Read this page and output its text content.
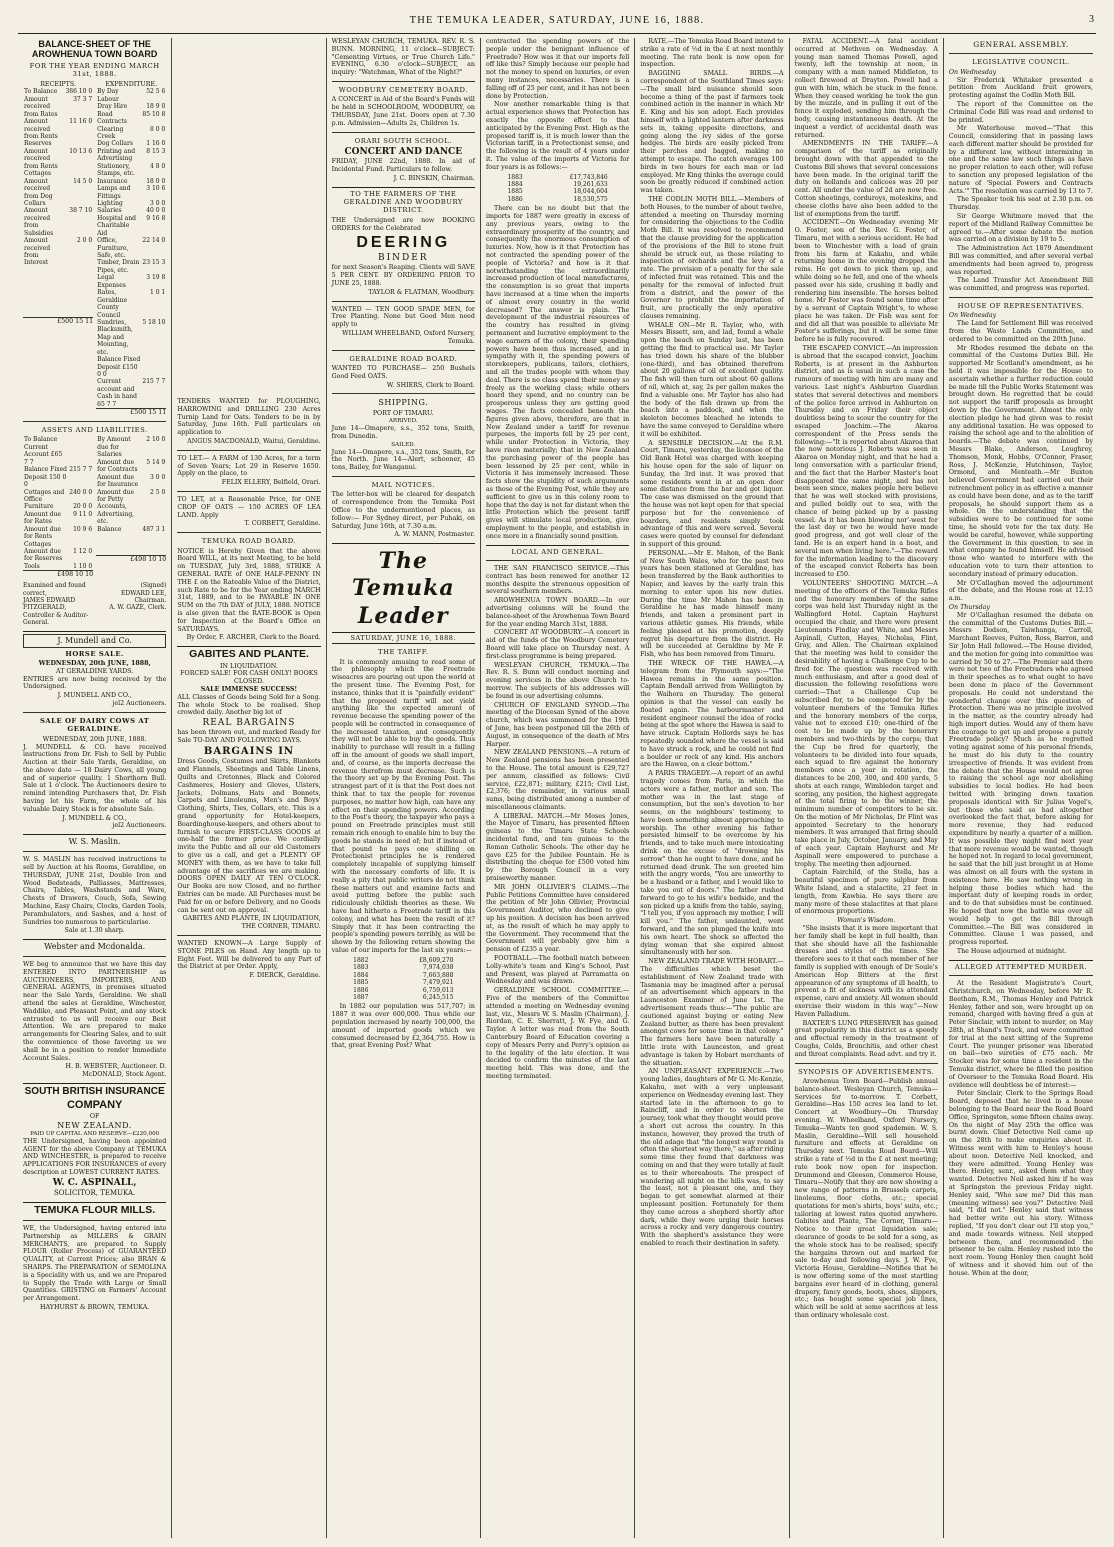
THE TEMUKA LEADER, SATURDAY, JUNE 16, 1888.	3
BALANCE-SHEET OF THE AROWHENUA TOWN BOARD
FOR THE YEAR ENDING MARCH 31st, 1888.
RECEIPTS.
To Balance	386 10 0
Amount received from Rates	37 3 7
Amount received from Rents Reserves	11 16 0
Amount received from Rents Cottages	10 13 6
Amount received from Dog Collars	14 5 0
Amount received from Subsidies	38 7 10
Amount received from Interest	2 0 0
£500 15 11
EXPENDITURE.
By Day Labour	52 5 6
Dray Hire	18 9 0
Road Contracts	85 10 8
Clearing Creek	8 0 0
Dog Collars	1 16 0
Printing and Advertising	8 15 3
Stationery, Stamps, etc.	4 8 0
Insurance	18 0 0
Lamps and Fittings	3 10 6
Lighting	3 0 0
Salaries	40 0 0
Hospital and Charitable Aid	9 16 8
Office, Furniture, Safe, etc.	22 14 0
Timber, Drain Pipes, etc.	23 15 3
Legal Expenses	3 19 8
Rates, Geraldine County Council	1 0 1
Sundries, Blacksmith, Map and Mounting, etc.	5 18 10
Balance Fixed Deposit £150 0 0	
Current account and Cash in hand 65 7 7	215 7 7
£500 15 11
ASSETS AND LIABILITIES.
To Balance Current Account £65 7 7	
Balance Fixed Deposit 150 0 0	215 7 7
Cottages and Office	240 0 0
Furniture	20 0 0
Amount due for Rates	9 11 0
Amount due for Rents Cottages	10 9 6
Amount due for Reserves	1 12 0
Tools	1 10 0
£498 10 10
By Amount due for Salaries	2 10 0
Amount due for Contracts	5 14 9
Amount due for Insurance	3 0 0
Amount due for Petty Accounts, Advertising, etc.	2 5 0
Balance	487 3 1
£498 10 10
Examined and found correct,
JAMES EDWARD FITZGERALD,
Controller & Auditor-General.
(Signed)
EDWARD LEE, Chairman.
A. W. GAZE, Clerk.
J. Mundell and Co.
HORSE SALE.
WEDNESDAY, 20th JUNE, 1888,
AT GERALDINE YARDS.

ENTRIES are now being received by the Undersigned.

J. MUNDELL AND CO.,
jel2 Auctioneers.
SALE OF DAIRY COWS AT GERALDINE.
WEDNESDAY, 20th JUNE, 1888.

J. MUNDELL & CO. have received instructions from Dr. Fish to Sell by Public Auction at their Sale Yards, Geraldine, on the above date — 18 Dairy Cows, all young and of superior quality. 1 Shorthorn Bull. Sale at 1 o'clock. The Auctioneers desire to remind intending Purchasers that, Dr. Fish having let his Farm, the whole of his valuable Dairy Stock is for absolute Sale.

J. MUNDELL & CO.,
jel2 Auctioneers.
W. S. Maslin.

W. S. MASLIN has received instructions to sell by Auction at his Rooms, Geraldine, on THURSDAY, JUNE 21st, Double Iron and Wood Bedsteads, Palliasses, Mattresses, Chairs, Tables, Washstands and Ware, Chests of Drawers, Couch, Sofa, Sewing Machine, Easy Chairs, Clocks, Garden Tools, Perambulators, and Sashes, and a host of Sundries too numerous to particularise.

Sale at 1.30 sharp.
Webster and Mcdonalda.

WE beg to announce that we have this day ENTERED INTO PARTNERSHIP as AUCTIONEERS, IMPORTERS, AND GENERAL AGENTS, in premises situated near the Sale Yards, Geraldine. We shall attend the sales at Geraldine, Winchester, Waddiko, and Pleasant Point, and any stock entrusted to us will receive our Best Attention. We are prepared to make arrangements for Clearing Sales, and to suit the convenience of those favoring us we shall be in a position to render Immediate Account Sales.

H. B. WEBSTER, Auctioneer. D. McDONALD, Stock Agent.
SOUTH BRITISH INSURANCE
COMPANY
OF
NEW ZEALAND.
PAID UP CAPITAL AND RESERVE—£220,000

THE Undersigned, having been appointed AGENT for the above Company at TEMUKA AND WINCHESTER, is prepared to receive APPLICATIONS FOR INSURANCES of every description at LOWEST CURRENT RATES.

W. C. ASPINALL,
SOLICITOR, TEMUKA.
TEMUKA FLOUR MILLS.

WE, the Undersigned, having entered into Partnership as MILLERS & GRAIN MERCHANTS, are prepared to Supply FLOUR (Roller Process) of GUARANTEED QUALITY, at Current Prices; also BRAN & SHARPS. The PREPARATION of SEMOLINA is a Speciality with us, and we are Prepared to Supply the Trade with Large or Small Quantities. GRISTING on Farmers' Account per Arrangement.

HAYHURST & BROWN, TEMUKA.

TENDERS WANTED for PLOUGHING, HARROWING and DRILLING 230 Acres Turnip Land for Oats. Tenders to be in by Saturday, June 16th. Full particulars on application to

ANGUS MACDONALD, Waitui, Geraldine.

TO LET.— A FARM of 130 Acres, for a term of Seven Years; Lot 29 in Reserve 1650. Apply on the place, to

FELIX ELLERY, Belfield, Orari.

TO LET, at a Reasonable Price, for ONE CROP OF OATS — 150 ACRES OF LEA LAND. Apply

T. CORBETT, Geraldine.
TEMUKA ROAD BOARD.

NOTICE is Hereby Given that the above Board WILL, at its next Meeting, to be held on TUESDAY, July 3rd, 1888, STRIKE A GENERAL RATE of ONE HALF-PENNY IN THE £ on the Rateable Value of the District, such Rate to be for the Year ending MARCH 31st, 1889, and to be PAYABLE IN ONE SUM on the 7th DAY of JULY, 1888. NOTICE is also given that the RATE-BOOK is Open for Inspection at the Board's Office on SATURDAYS.

By Order, F. ARCHER, Clerk to the Board.
GABITES AND PLANTE.
IN LIQUIDATION.
FORCED SALE! FOR CASH ONLY! BOOKS CLOSED.
SALE IMMENSE SUCCESS!

ALL Classes of Goods being Sold for a Song. The whole Stock to be realised. Shop crowded daily. Another big lot of

REAL BARGAINS

has been thrown out, and marked Ready for Sale TO-DAY AND FOLLOWING DAYS.

BARGAINS IN

Dress Goods, Costumes and Skirts, Blankets and Flannels, Sheetings and Table Linens, Quilts and Cretonnes, Black and Colored Cashmeres, Hosiery and Gloves, Ulsters, Jackets, Dolmans, Hats and Bonnets, Carpets and Linoleums, Men's and Boys' Clothing, Shirts, Ties, Collars, etc. This is a grand opportunity for Hotel-keepers, Boardinghouse-keepers, and others about to furnish to secure FIRST-CLASS GOODS at one-half the former price. We cordially invite the Public and all our old Customers to give us a call, and get a PLENTY OF MONEY with them, as we have to take full advantage of the sacrifices we are making. DOORS OPEN DAILY AT TEN O'CLOCK. Our Books are now Closed, and no further Entries can be made. All Purchases must be Paid for on or before Delivery, and no Goods can be sent out on approval.

GABITES AND PLANTE, IN LIQUIDATION, THE CORNER, TIMARU.

WANTED KNOWN—A Large Supply of STONE PILES on Hand. Any length up to Eight Feet. Will be delivered to any Part of the District at per Order. Apply,

F. DIERCK, Geraldine.

WESLEYAN CHURCH, TEMUKA. REV. R. S. BUNN. MORNING, 11 o'clock—SUBJECT: "Cementing Virtues, or True Church Life." EVENING, 6.30 o'clock—SUBJECT, an inquiry: "Watchman, What of the Night?"

WOODBURY CEMETERY BOARD.

A CONCERT in Aid of the Board's Funds will be held in SCHOOLROOM, WOODBURY, on THURSDAY, June 21st. Doors open at 7.30 p.m. Admission—Adults 2s, Children 1s.

ORARI SOUTH SCHOOL.
CONCERT AND DANCE

FRIDAY, JUNE 22nd, 1888. In aid of Incidental Fund. Particulars to follow.

J. C. BINSKIN, Chairman.
TO THE FARMERS OF THE GERALDINE AND WOODBURY DISTRICT.

THE Undersigned are now BOOKING ORDERS for the Celebrated

DEERING
BINDER

for next Season's Reaping. Clients will SAVE 5 PER CENT. BY ORDERING PRIOR TO JUNE 25, 1888.

TAYLOR & FLATMAN, Woodbury.

WANTED — TEN GOOD SPADE MEN, for Tree Planting. None but Good Men need apply to

WILLIAM WHEELBAND, Oxford Nursery, Temuka.
GERALDINE ROAD BOARD.

WANTED TO PURCHASE— 250 Bushels Good Feed OATS.

W. SHIERS, Clerk to Board.
SHIPPING.
PORT OF TIMARU.
ARRIVED.

June 14—Omapere, s.s., 352 tons, Smith, from Dunedin.

SAILED.

June 14—Omapere, s.s., 352 tons, Smith, for the North. June 14—Alert, schooner, 45 tons, Bailey, for Wanganui.

MAIL NOTICES.

The letter-box will be cleared for despatch of correspondence from the Temuka Post Office to the undermentioned places, as follow:— For Sydney direct, per Puhaki, on Saturday, June 16th, at 7.30 a.m.

A. W. MANN, Postmaster.
The Temuka Leader
SATURDAY, JUNE 16, 1888.
THE TARIFF.

It is commonly amusing to read some of the philosophy which the Freetrade wiseacres are pouring out upon the world at the present time. The Evening Post, for instance, thinks that it is "painfully evident" that the proposed tariff will not yield anything like the expected amount of revenue because the spending power of the people will be contracted in consequence of the increased taxation, and consequently they will not be able to buy the goods. Thus inability to purchase will result in a falling off in the amount of goods we shall import, and, of course, as the imports decrease the revenue therefrom must decrease. Such is the theory set up by the Evening Post. The strangest part of it is that the Post does not think that to tax the people for revenue purposes, no matter how high, can have any effect on their spending powers. According to the Post's theory, the taxpayer who pays a pound on Freetrade principles must still remain rich enough to enable him to buy the goods he stands in need of; but if instead of that pound he pays one shilling on Protectionist principles he is rendered completely incapable of supplying himself with the necessary comforts of life. It is really a pity that public writers do not think these matters out and examine facts and avoid putting before the public such ridiculously childish theories as these. We have had hitherto a Freetrade tariff in this colony, and what has been the result of it? Simply that it has been contracting the people's spending powers terribly, as will be shown by the following return showing the value of our imports for the last six years:—

1882	£8,609,270
1883	7,974,038
1884	7,663,888
1885	7,479,921
1886	6,759,013
1887	6,245,515

In 1882 our population was 517,707; in 1887 it was over 600,000. Thus while our population increased by nearly 100,000, the amount of imported goods which we consumed decreased by £2,364,755. How is that, great Evening Post? What

contracted the spending powers of the people under the benignant influence of Freetrade? How was it that our imports fell off like this? Simply because our people had not the money to spend on luxuries, or even many instances, necessaries. There is a falling off of 25 per cent, and it has not been done by Protection.

Now another remarkable thing is that actual experience shows that Protection has exactly the opposite effect to that anticipated by the Evening Post. High as the proposed tariff is, it is much lower than the Victorian tariff, in a Protectionist sense, and the following is the result of 4 years under it. The value of the imports of Victoria for four years is as follows:—

1883	£17,743,846
1884	19,261,633
1885	18,044,604
1886	18,530,575

There can be no doubt but that the imports for 1887 were greatly in excess of any previous years, owing to the extraordinary prosperity of the country, and consequently the enormous consumption of luxuries. Now, how is it that Protection has not contracted the spending power of the people of Victoria? and how is it that notwithstanding the extraordinarily increased production of local manufactures, the consumption is so great that imports have increased at a time when the imports of almost every country in the world decreased? The answer is plain. The development of the industrial resources of the country has resulted in giving permanent and lucrative employment to the wage earners of the colony, their spending powers have been thus increased, and in sympathy with it, the spending powers of storekeepers, publicans, tailors, clothiers, and all the trades people with whom they deal. There is no class spend their money so freely as the working class; while others hoard they spend, and no country can be prosperous unless they are getting good wages. The facts concealed beneath the figures given above, therefore, are that in New Zealand under a tariff for revenue purposes, the imports fell by 25 per cent, while under Protection in Victoria, they have risen materially; that in New Zealand the purchasing power of the people has been lessened by 25 per cent, while in Victoria it has immensely increased. These facts show the stupidity of such arguments as those of the Evening Post, while they are sufficient to give us in this colony room to hope that the day is not far distant when the little Protection which the present tariff gives will stimulate local production, give employment to the people, and establish in once more in a financially sound position.

LOCAL AND GENERAL.

THE SAN FRANCISCO SERVICE.—This contract has been renewed for another 12 months despite the strenuous opposition of several southern members.

AROWHENUA TOWN BOARD.—In our advertising columns will be found the balance-sheet of the Arowhenua Town Board for the year ending March 31st, 1888.

CONCERT AT WOODBURY.—A concert in aid of the funds of the Woodbury Cemetery Board will take place on Thursday next. A first-class programme is being prepared.

WESLEYAN CHURCH, TEMUKA.—The Rev. R. S. Bunn will conduct morning and evening services in the above Church to-morrow. The subjects of his addresses will be found in our advertising columns.

CHURCH OF ENGLAND SYNOD.—The meeting of the Diocesan Synod of the above church, which was summoned for the 19th of June, has been postponed till the 26th of August, in consequence of the death of Mrs Harper.

NEW ZEALAND PENSIONS.—A return of New Zealand pensions has been presented to the House. The total amount is £29,727 per annum, classified as follows: Civil service, £22,871; military, £215; Civil List, £2,376; the remainder, in various small sums, being distributed among a number of miscellaneous claimants.

A LIBERAL MATCH.—Mr Moses Jones, the Mayor of Timaru, has presented fifteen guineas to the Timaru State Schools incidental fund, and ten guineas to the Roman Catholic Schools. The other day he gave £25 for the Jubilee Fountain. He is distributing the cheque for £500 voted him by the Borough Council in a very praiseworthy manner.

MR JOHN OLLIVIER'S CLAIMS.—The Public Petitions Committee have considered the petition of Mr John Ollivier, Provincial Government Auditor, who declined to give up his position. A decision has been arrived at, as the result of which he may apply to the Government. They recommend that the Government will probably give him a pension of £235 a year.

FOOTBALL.—The football match between Lolly-white's team and King's School, Past and Present, was played at Parramatta on Wednesday and was drawn.

GERALDINE SCHOOL COMMITTEE.—Five of the members of the Committee attended a meeting on Wednesday evening last, viz., Messrs W. S. Maslin (Chairman), J. Riordan, C. E. Sherratt, J. W. Fye, and G. Taylor. A letter was read from the South Canterbury Board of Education covering a copy of Messrs Perry and Perry's opinion as to the legality of the late election. It was decided to confirm the minutes of the last meeting held. This was done, and the meeting terminated.

RATE.—The Temuka Road Board intend to strike a rate of ½d in the £ at next monthly meeting. The rate book is now open for inspection.

BAGGING SMALL BIRDS.—A correspondent of the Southland Times says:—The small bird nuisance should soon become a thing of the past if farmers took combined action in the manner in which Mr E. King and his son adopt. Each provides himself with a lighted lantern after darkness sets in, taking opposite directions, and going along the ivy sides of the gorse hedges. The birds are easily picked from their perches and bagged, making no attempt to escape. The catch averages 100 birds in two hours for each man or lad employed. Mr King thinks the average could soon be greatly reduced if combined action was taken.

THE CODLIN MOTH BILL.—Members of both Houses, to the number of about twelve, attended a meeting on Thursday morning for considering the objections to the Codlin Moth Bill. It was resolved to recommend that the clause providing for the application of the provisions of the Bill to stone fruit should be struck out, as those relating to inspection of orchards and the levy of a rate. The provision of a penalty for the sale of infected fruit was retained. This and the penalty for the removal of infected fruit from a district, and the power of the Governor to prohibit the importation of fruit, are practically the only operative clauses remaining.

WHALE ON—Mr R. Taylor, who, with Messrs Bissett, son, and lad, found a whale upon the beach on Sunday last, has been getting the find to practical use. Mr Taylor has tried down his share of the blubber (one-third), and has obtained therefrom about 20 gallons of oil of excellent quality. The fish will then turn out about 60 gallons of oil, which at, say, 2s per gallon makes the find a valuable one. Mr Taylor has also had the body of the fish drawn up from the beach into a paddock, and when the skeleton becomes bleached he intends to have the same conveyed to Geraldine where it will be exhibited.

A SENSIBLE DECISION.—At the R.M. Court, Timaru, yesterday, the licensee of the Old Bank Hotel was charged with keeping his house open for the sale of liquor on Sunday, the 3rd inst. It was proved that some residents went in at an open door some distance from the bar and got liquor. The case was dismissed on the ground that the house was not kept open for that special purpose but for the convenience of boarders, and residents simply took advantage of this and were served. Several cases were quoted by counsel for defendant in support of this ground.

PERSONAL.—Mr E. Mahon, of the Bank of New South Wales, who for the past two years has been stationed at Geraldine, has been transferred by the Bank authorities to Napier, and leaves by the early train this morning to enter upon his new duties. During the time Mr Mahon has been in Geraldine he has made himself many friends, and taken a prominent part in various athletic games. His friends, while feeling pleased at his promotion, deeply regret his departure from the district. He will be succeeded at Geraldine by Mr F. Fish, who has been removed from Timaru.

THE WRECK OF THE HAWEA.—A telegram from the Plymouth says:—"The Hawea remains in the same position. Captain Bendall arrived from Wellington by the Waihora on Thursday. The general opinion is that the vessel can easily be floated again. The harbourmaster and resident engineer counsel the idea of rocks being at the spot where the Hawea is said to have struck. Captain Hollords says he has repeatedly sounded where the vessel is said to have struck a rock, and he could not find a boulder or rock of any kind. His anchors are the Hawea, on a clear bottom."

A PARIS TRAGEDY.—A report of an awful tragedy comes from Paris, in which the actors were a father, mother and son. The mother was in the last stage of consumption, but the son's devotion to her seems, on the neighbours' testimony, to have been something almost approaching to worship. The other evening his father persisted himself to be overcome by his friends, and to take much more intoxicating drink on the excuse of "drowning his sorrow" than he ought to have done, and he returned dead drunk. The son greeted him with the angry words, "You are unworthy to be a husband or a father, and I would like to take you out of doors." The father rushed forward to go to his wife's bedside, and the son picked up a knife from the table, saying, "I tell you, if you approach my mother, I will kill you." The father, undaunted, went forward, and the son plunged the knife into his own heart. The shock so affected the dying woman that she expired almost simultaneously with her son.

NEW ZEALAND TRADE WITH HOBART.—The difficulties which beset the establishment of New Zealand trade with Tasmania may be imagined after a perusal of an advertisement which appears in the Launceston Examiner of June 1st. The advertisement reads thus:—"The public are cautioned against buying or eating New Zealand butter, as there has been prevalent amongst cows for some time in that colony." The farmers here have been naturally a little irate with Launceston, and great advantage is taken by Hobart merchants of the situation.

AN UNPLEASANT EXPERIENCE.—Two young ladies, daughters of Mr G. Mc-Kenzie, Kakahu, met with a very unpleasant experience on Wednesday evening last. They started late in the afternoon to go to Raincliff, and in order to shorten the journey, took what they thought would prove a short cut across the country. In this instance, however, they proved the truth of the old adage that "the longest way round is often the shortest way there," as after riding some time they found that darkness was coming on and that they were totally at fault as to their whereabouts. The prospect of wandering all night on the hills was, to say the least, not a pleasant one, and they began to get somewhat alarmed at their unpleasant position. Fortunately for them they came across a shepherd shortly after dark, while they were urging their horses across a rocky and very dangerous country. With the shepherd's assistance they were enabled to reach their destination in safety.

FATAL ACCIDENT.—A fatal accident occurred at Methven on Wednesday. A young man named Thomas Powell, aged twenty, left the township at noon, in company with a man named Middleton, to collect firewood at Drayton. Powell had a gun with him, which he stuck in the fence. When they ceased working he took the gun by the muzzle, and in pulling it out of the fence it exploded, sending him through the body, causing instantaneous death. At the inquest a verdict of accidental death was returned.

AMENDMENTS IN THE TARIFF.—A comparison of the tariff as originally brought down with that appended to the Customs Bill shows that several concessions have been made. In the original tariff the duty on hollands and calicoes was 20 per cent. All under the value of 2d are now free. Cotton sheetings, corduroys, moleskins, and cheese cloths have also been added to the list of exemptions from the tariff.

ACCIDENT.—On Wednesday evening Mr O. Foster, son of the Rev. G. Foster, of Timaru, met with a serious accident. He had been to Winchester with a load of grain from his farm at Kakahu, and while returning home in the evening dropped the reins. He got down to pick them up, and while doing so he fell, and one of the wheels passed over his side, crushing it badly and rendering him insensible. The horses bolted home. Mr Foster was found some time after by a servant of Captain Wright's, to whose place he was taken. Dr Fish was sent for and did all that was possible to alleviate Mr Foster's sufferings, but it will be some time before he is fully recovered.

THE ESCAPED CONVICT.—An impression is abroad that the escaped convict, Joachim Roberts, is at present in the Ashburton district, and as is usual in such a case the rumours of meeting with him are many and various. Last night's Ashburton Guardian states that several detectives and members of the police force arrived in Ashburton on Thursday and on Friday their object doubtless being to scour the country for the escaped Joachim.—The Akaroa correspondent of the Press sends the following:—"It is reported about Akaroa that the now notorious J. Roberts was seen in Akaroa on Monday night, and that he had a long conversation with a particular friend, and the fact that the Harbor Master's boat disappeared the same night, and has not been seen since, makes people here believe that he was well stocked with provisions, and pulled boldly out to sea, with the chance of being picked up by a passing vessel. As it has been blowing nor'-west for the last day or two he would have made good progress, and got well clear of the land. He is an expert hand in a boat, and several men when living here."—The reward for the information leading to the discovery of the escaped convict Roberts has been increased to £50.

VOLUNTEERS' SHOOTING MATCH.—A meeting of the officers of the Temuka Rifles and the honorary members of the same corps was held last Thursday night in the Wallingford Hotel. Captain Hayhurst occupied the chair, and there were present Lieutenants Findlay and White, and Messrs Aspinall, Cutten, Hayes, Nicholas, Flint, Gray, and Allen. The Chairman explained that the meeting was held to consider the desirability of having a Challenge Cup to be fired for. The question was received with much enthusiasm, and after a good deal of discussion the following resolutions were carried:—That a Challenge Cup be subscribed for, to be competed for by the volunteer members of the Temuka Rifles and the honorary members of the corps, value not to exceed £10; one-third of the cost to be made up by the honorary members and two-thirds by the corps; that the Cup be fired for quarterly, the volunteers to be divided into four squads, each squad to fire against the honorary members once a year in rotation, the distances to be 200, 300, and 400 yards, 5 shots at each range, Wimbledon target and scoring, any position, the highest aggregate of the total firing to be the winner, the minimum number of competitors to be six. On the motion of Mr Nicholas, Dr Flint was appointed Secretary to the honorary members. It was arranged that firing should take place in July, October, January, and May of each year. Captain Hayhurst and Mr Aspinall were empowered to purchase a trophy. The meeting then adjourned.

Captain Fairchild, of the Stella, has a beautiful specimen of pure sulphur from White Island, and a stalactite, 21 feet in length, from Kawhia. He says there are many more of these stalactites at that place of enormous proportions.

Woman's Wisdom.

"She insists that it is more important that her family shall be kept in full health, than that she should have all the fashionable dresses and styles of the times. She therefore sees to it that each member of her family is supplied with enough of Dr Soule's American Hop Bitters at the first appearance of any symptoms of ill health, to prevent a fit of sickness with its attendant expense, care and anxiety. All women should exercise their wisdom in this way."—New Haven Palladium.

BAXTER'S LUNG PRESERVER has gained great popularity in this district as a speedy and effectual remedy in the treatment of Coughs, Colds, Bronchitis, and other chest and throat complaints. Read advt. and try it.

SYNOPSIS OF ADVERTISEMENTS.

Arowhenua Town Board—Publish annual balance-sheet. Wesleyan Church, Temuka—Services for to-morrow. T. Corbett, Geraldine—Has 150 acres lea land to let. Concert at Woodbury—On Thursday evening. W. Wheelband, Oxford Nursery, Temuka—Wants ten good spademen. W. S. Maslin, Geraldine—Will sell household furniture and effects at Geraldine on Thursday next. Temuka Road Board—Will strike a rate of ½d in the £ at next meeting; rate book now open for inspection. Drummond and Gleeson, Commerce House, Timaru—Notify that they are now showing a new range of patterns in Brussels carpets, linoleums, floor cloths, etc.; special quotations for men's shirts, boys' suits, etc.; tailoring at lowest rates quoted anywhere. Gabites and Plante, The Corner, Timaru—Notice to their great liquidation sale; clearance of goods to be sold for a song, as the whole stock has to be realised; specify the bargains thrown out and marked for sale to-day and following days. J. W. Fye, Victoria House, Geraldine—Notifies that he is now offering some of the most startling bargains ever heard of in clothing, general drapery, fancy goods, boots, shoes, slippers, etc.; has bought some special job lines, which will be sold at some sacrifices at less than ordinary wholesale cost.

GENERAL ASSEMBLY.
LEGISLATIVE COUNCIL.
On Wednesday

Sir Frederick Whitaker presented a petition from Auckland fruit growers, protesting against the Codlin Moth Bill.

The report of the Committee on the Criminal Code Bill was read and ordered to be printed.

Mr Waterhouse moved—"That this Council, considering that in passing laws each different matter should be provided for by a different law, without intermixing in one and the same law such things as have no proper relation to each other, will refuse to sanction any proposed legislation of the nature of 'Special Powers and Contracts Acts.'" The resolution was carried by 13 to 7.

The Speaker took his seat at 2.30 p.m. on Thursday.

Sir George Whitmore moved that the report of the Midland Railway Committee be agreed to.—After some debate the motion was carried on a division by 19 to 5.

The Administration Act 1879 Amendment Bill was committed, and after several verbal amendments had been agreed to, progress was reported.

The Land Transfer Act Amendment Bill was committed, and progress was reported.

HOUSE OF REPRESENTATIVES.
On Wednesday

The Land for Settlement Bill was received from the Waste Lands Committee, and ordered to be committed on the 20th June.

Mr Rhodes resumed the debate on the committal of the Customs Duties Bill. He supported Mr Scotland's amendment, as he held it was impossible for the House to ascertain whether a further reduction could be made till the Public Works Statement was brought down. He regretted that he could not support the tariff proposals as brought down by the Government. Almost the only election pledge he had given was to resist any additional taxation. He was opposed to raising the school age and to the abolition of boards.—The debate was continued by Messrs Blake, Anderson, Loughrey, Thomson, Monk, Hobbs, O'Connor, Fraser, Ross, J. McKenzie, Hutchinson, Taylor, Ormond, and Menteath.—Mr Buxton believed Government had carried out their retrenchment policy in as effective a manner as could have been done, and as to the tariff proposals, he should support them as a whole. On the understanding that the subsidies were to be continued for some time, he should vote for the tax duty. He would be careful, however, while supporting the Government in this question, to see in what company he found himself. He advised those who wanted to interfere with the education vote to turn their attention to secondary instead of primary education.

Mr O'Callaghan moved the adjournment of the debate, and the House rose at 12.15 a.m.

On Thursday

Mr O'Callaghan resumed the debate on the committal of the Customs Duties Bill.—Messrs Dodson, Taiwhanga, Carroll, Marchant Reeves, Fulton, Ross, Barron, and Sir John Hall followed.—The House divided, and the motion for going into committee was carried by 50 to 27.—The Premier said there were not two of the Freetraders who agreed in their speeches as to what ought to have been done in place of the Government proposals. He could not understand the wonderful change over this question of Protection. There was no principle involved in the matter, as the country already had high import duties. Would any of them have the courage to get up and propose a purely Freetrade policy? Much as he regretted voting against some of his personal friends, he must do his duty to the country irrespective of friends. It was evident from the debate that the House would not agree to raising the school age nor abolishing subsidies to local bodies. He had been twitted with bringing down taxation proposals identical with Sir Julius Vogel's, but those who said so had altogether overlooked the fact that, before asking for more revenue, they had reduced expenditure by nearly a quarter of a million. It was possible they might find next year that more revenue would be wanted, though he hoped not. In regard to local government, he said that the bill just brought in at Home was almost on all fours with the system in existence here. He saw nothing wrong in helping those bodies which had the important duty of keeping roads in order, and to do that subsidies must be continued. He hoped that now the battle was over all would help to get the Bill through Committee.—The Bill was considered in Committee. Clause 1 was passed, and progress reported.

The House adjourned at midnight.

ALLEGED ATTEMPTED MURDER.

At the Resident Magistrate's Court, Christchurch, on Wednesday, before Mr R. Beetham, R.M., Thomas Henley and Patrick Henley, father and son, were brought up on remand, charged with having fired a gun at Peter Sinclair, with intent to murder, on May 28th, at Shand's Track, and were committed for trial at the next sitting of the Supreme Court. The younger prisoner was liberated on bail—two sureties of £75 each. Mr Stocker was for some time a resident in the Temuka district, where he filled the position of Overseer to the Temuka Road Board. His evidence will doubtless be of interest:—

Peter Sinclair, Clerk to the Springs Road Board, deposed that he lived in a house belonging to the Board near the Road Board Office, Springston, some fifteen chains away. On the night of May 25th the office was burnt down. Chief Detective Neil came up on the 28th to make enquiries about it. Witness went with him to Henley's house about noon. Detective Neil knocked, and they were admitted. Young Henley was there. Henley, senr., asked them what they wanted. Detective Neil asked him if he was at Springston the previous Friday night. Henley said, "Who saw me? Did this man (meaning witness) see you?" Detective Neil said, "I did not." Henley said that witness had better write out his story. Witness replied, "If you don't clear out I'll stop you," and made towards witness. Neil stepped between them, and recommended the prisoner to be calm. Henley rushed into the next room. Young Henley then caught hold of witness and it shoved him out of the house. When at the door,
